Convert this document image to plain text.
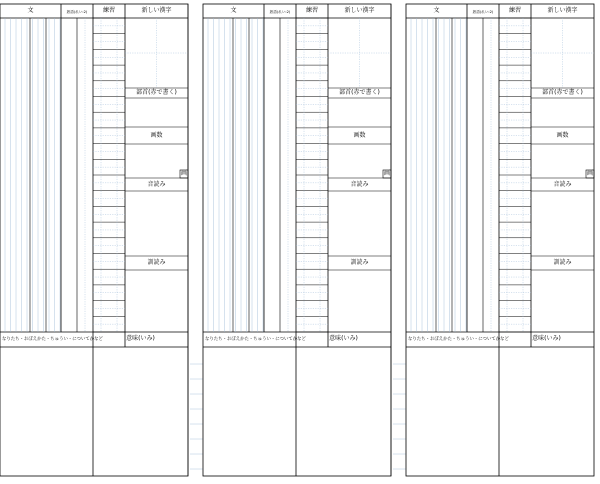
文	熟語(れい:2)	練習	新しい漢字
部首(赤で書く)
画数
画
音読み
訓読み
なりたち・おぼえかた・ちゅうい・についてかなど	意味(いみ)
文	熟語(れい:2)	練習	新しい漢字
部首(赤で書く)
画数
画
音読み
訓読み
なりたち・おぼえかた・ちゅうい・についてかなど	意味(いみ)
文	熟語(れい:2)	練習	新しい漢字
部首(赤で書く)
画数
画
音読み
訓読み
なりたち・おぼえかた・ちゅうい・についてかなど	意味(いみ)
